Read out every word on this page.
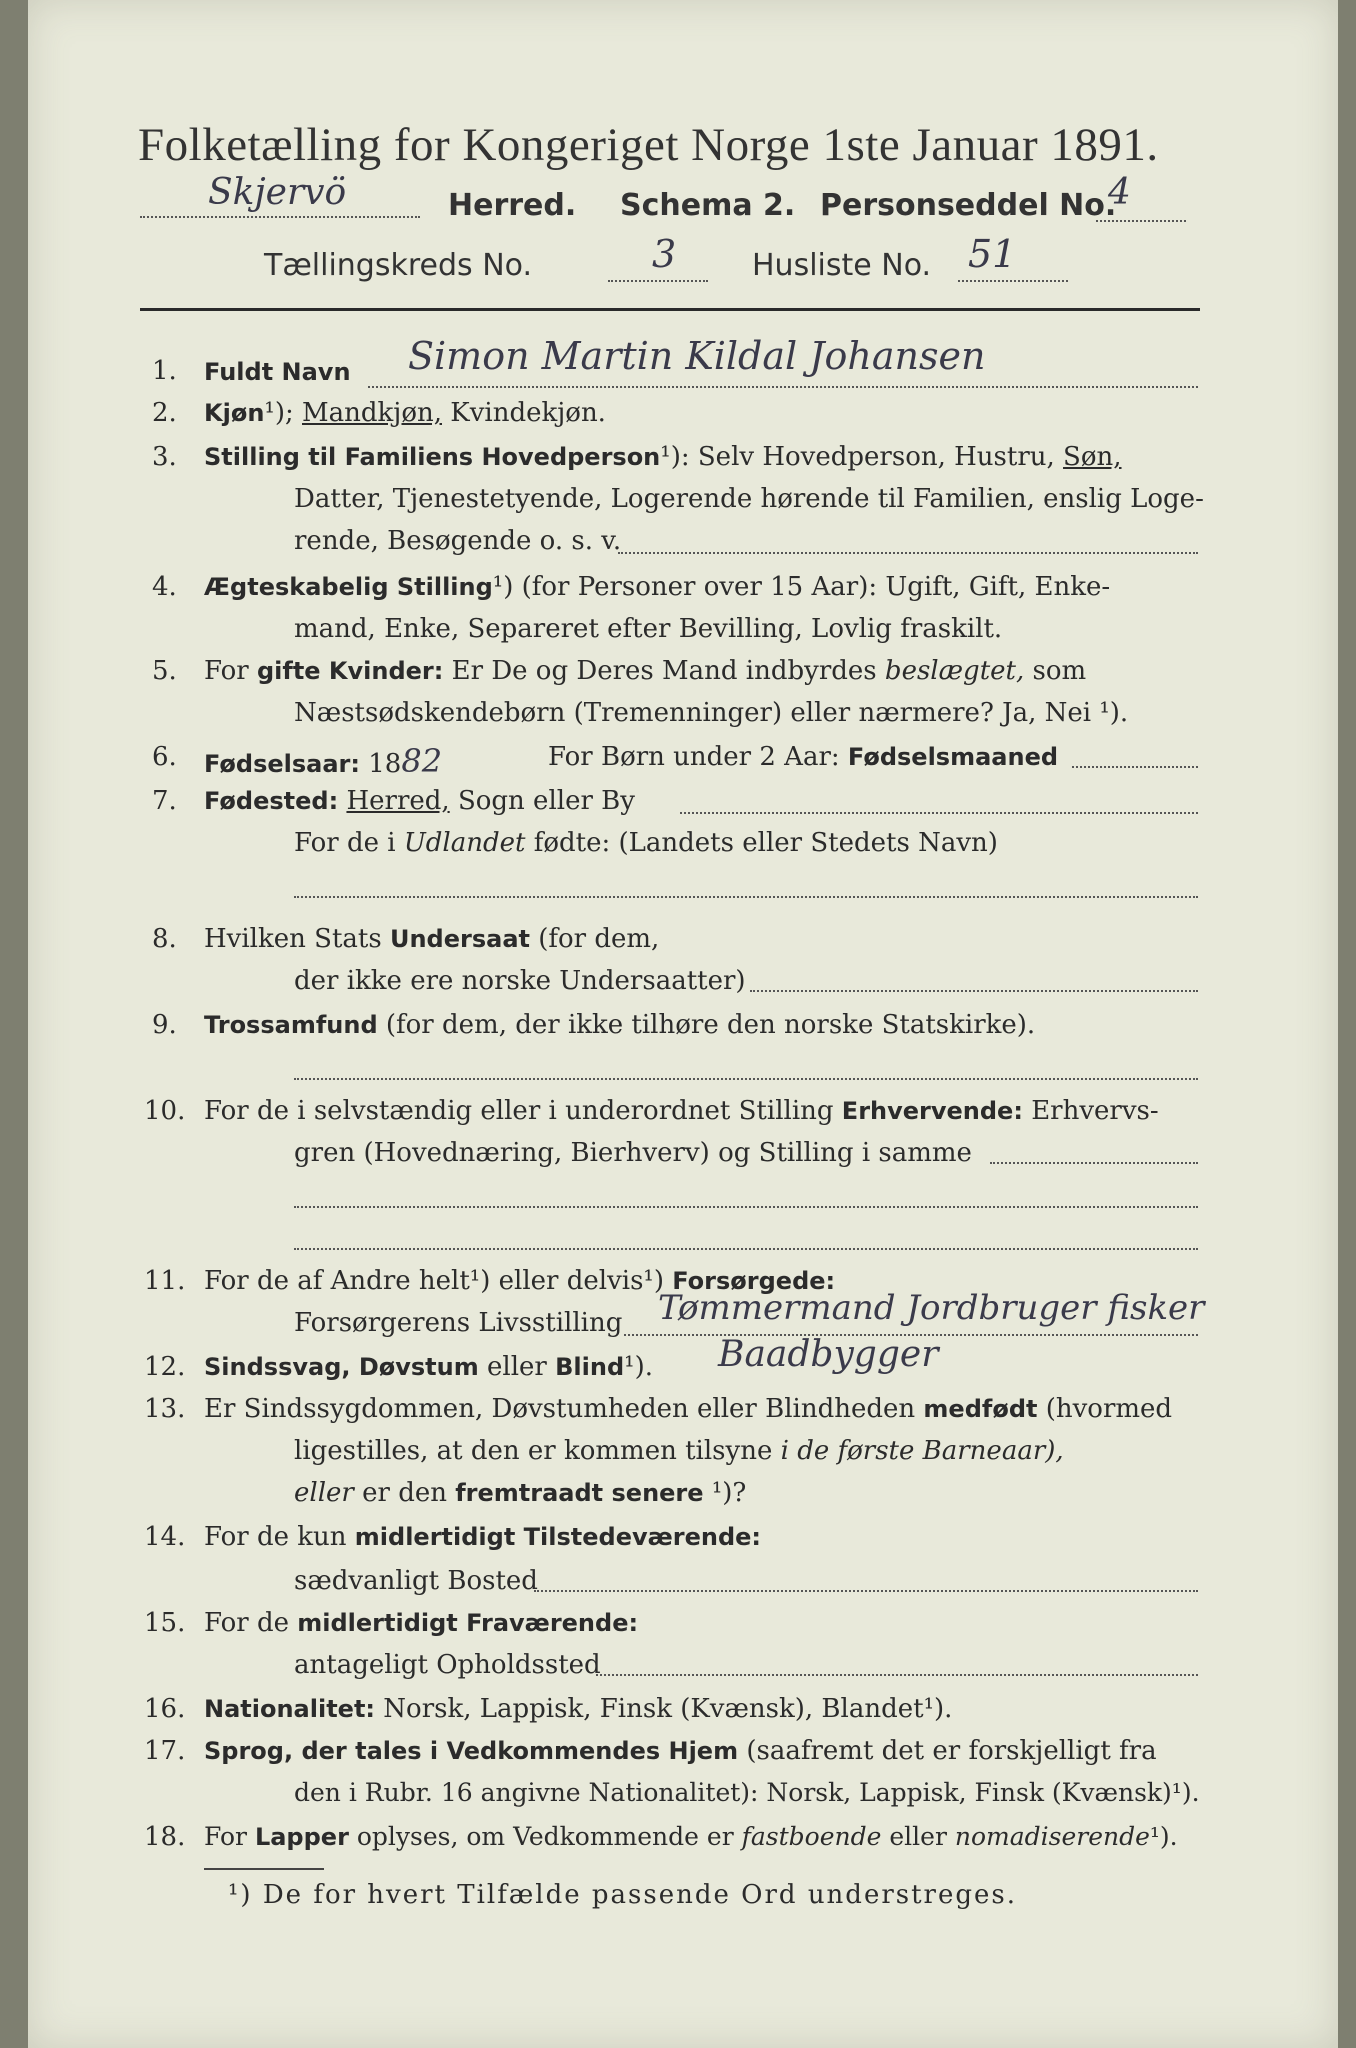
Folketælling for Kongeriget Norge 1ste Januar 1891.
Skjervö	Herred. Schema 2. Personseddel No.
4
Tællingskreds No.	3	Husliste No. 51
1. Fuldt Navn Simon Martin Kildal Johansen
2. Kjøn¹); Mandkjøn, Kvindekjøn.
3. Stilling til Familiens Hovedperson¹): Selv Hovedperson, Hustru, Søn,
Datter, Tjenestetyende, Logerende hørende til Familien, enslig Loge-
rende, Besøgende o. s. v.
4. Ægteskabelig Stilling¹) (for Personer over 15 Aar): Ugift, Gift, Enke-
mand, Enke, Separeret efter Bevilling, Lovlig fraskilt.
5. For gifte Kvinder: Er De og Deres Mand indbyrdes beslægtet, som
Næstsødskendebørn (Tremenninger) eller nærmere? Ja, Nei ¹).
6. Fødselsaar: 1882	For Børn under 2 Aar: Fødselsmaaned
7. Fødested: Herred, Sogn eller By
For de i Udlandet fødte: (Landets eller Stedets Navn)
8. Hvilken Stats Undersaat (for dem,
der ikke ere norske Undersaatter)
9. Trossamfund (for dem, der ikke tilhøre den norske Statskirke).
10. For de i selvstændig eller i underordnet Stilling Erhvervende: Erhvervs-
gren (Hovednæring, Bierhverv) og Stilling i samme
11. For de af Andre helt¹) eller delvis¹) Forsørgede:
Forsørgerens Livsstilling Tømmermand Jordbruger fisker
12. Sindssvag, Døvstum eller Blind¹). Baadbygger
13. Er Sindssygdommen, Døvstumheden eller Blindheden medfødt (hvormed
ligestilles, at den er kommen tilsyne i de første Barneaar),
eller er den fremtraadt senere ¹)?
14. For de kun midlertidigt Tilstedeværende:
sædvanligt Bosted
15. For de midlertidigt Fraværende:
antageligt Opholdssted
16. Nationalitet: Norsk, Lappisk, Finsk (Kvænsk), Blandet¹).
17. Sprog, der tales i Vedkommendes Hjem (saafremt det er forskjelligt fra
den i Rubr. 16 angivne Nationalitet): Norsk, Lappisk, Finsk (Kvænsk)¹).
18. For Lapper oplyses, om Vedkommende er fastboende eller nomadiserende¹).
¹) De for hvert Tilfælde passende Ord understreges.
